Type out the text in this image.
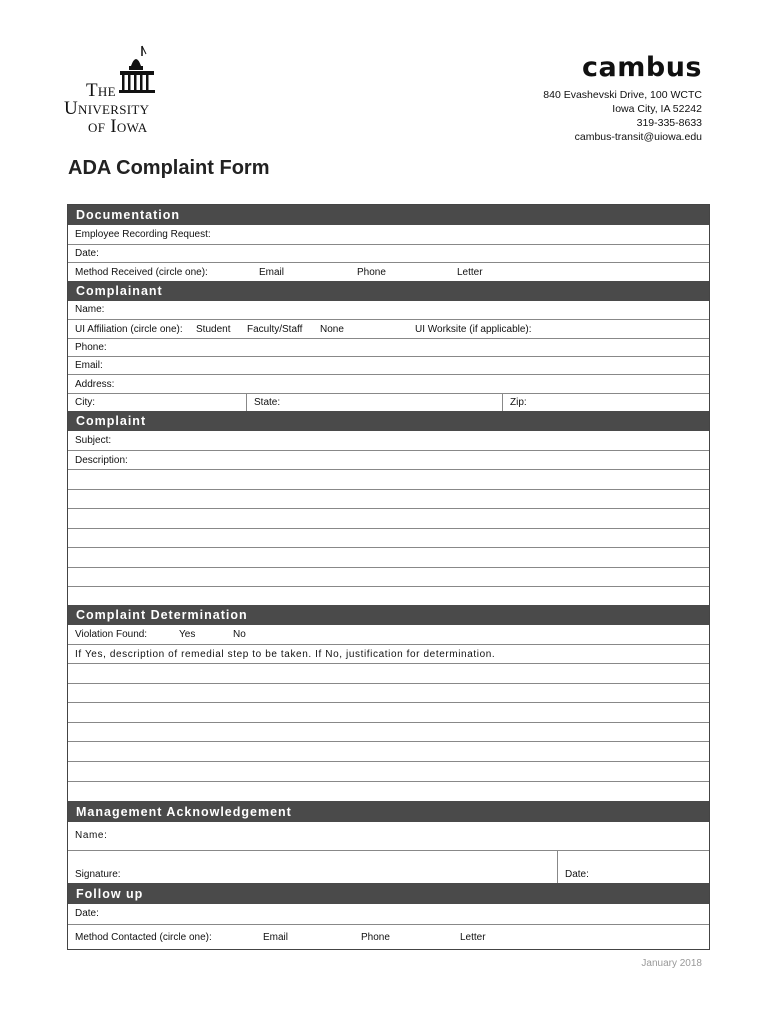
The
University
of Iowa
cambus
840 Evashevski Drive, 100 WCTC
Iowa City, IA 52242
319-335-8633
cambus-transit@uiowa.edu
ADA Complaint Form
Documentation
Employee Recording Request:
Date:
Method Received (circle one):	Email	Phone	Letter
Complainant
Name:
UI Affiliation (circle one): Student Faculty/Staff None	UI Worksite (if applicable):
Phone:
Email:
Address:
City:	State:	Zip:
Complaint
Subject:
Description:
Complaint Determination
Violation Found:	Yes	No
If Yes, description of remedial step to be taken. If No, justification for determination.
Management Acknowledgement
Name:
Signature:	Date:
Follow up
Date:
Method Contacted (circle one):	Email	Phone	Letter
January 2018
